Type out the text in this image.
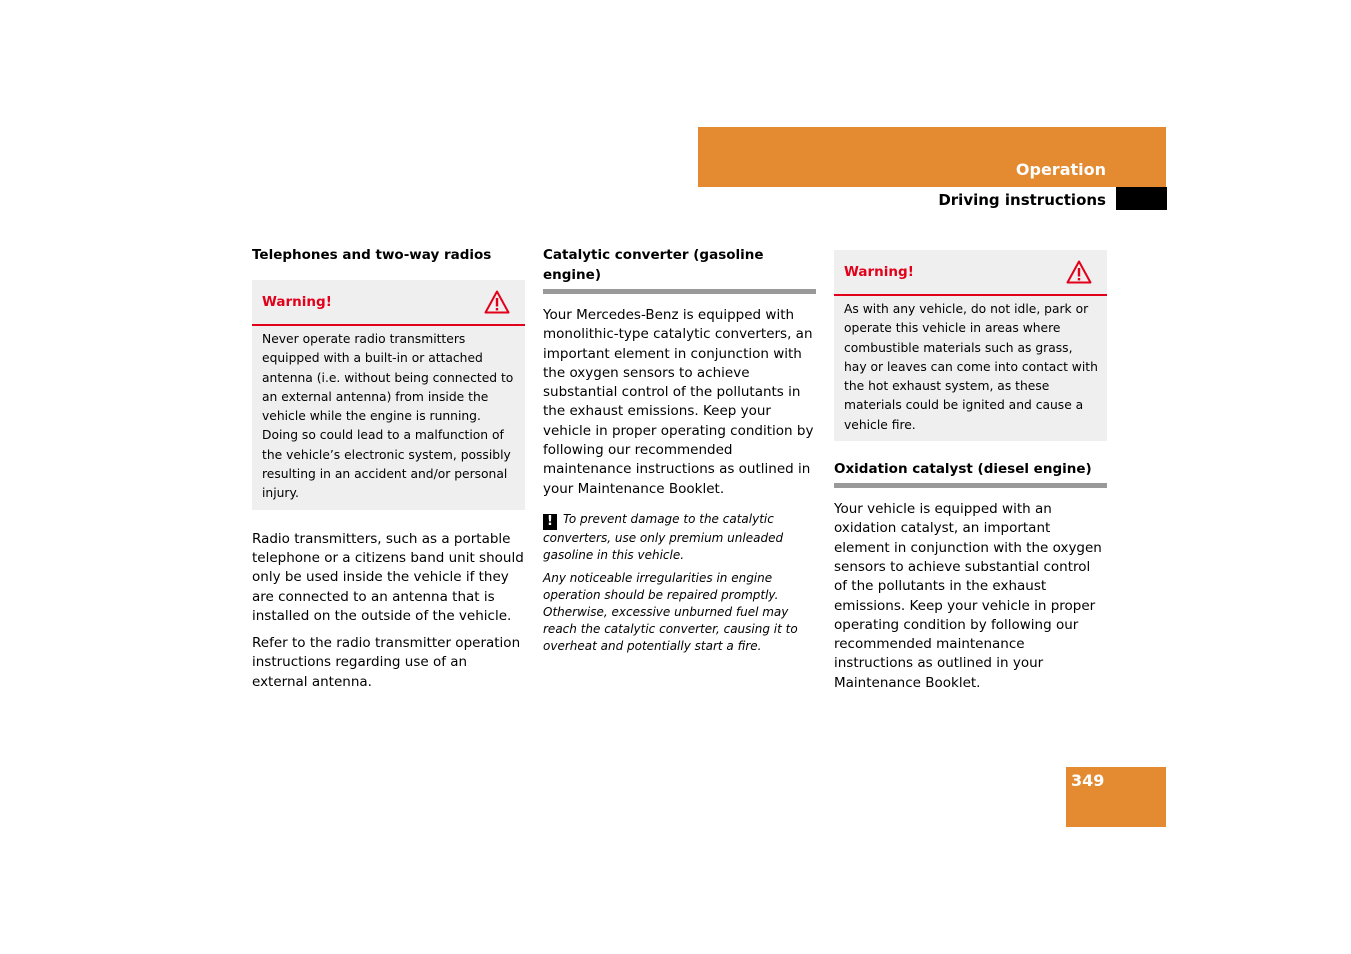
Operation
Driving instructions

Telephones and two-way radios

Warning!

Never operate radio transmitters equipped with a built-in or attached antenna (i.e. without being connected to an external antenna) from inside the vehicle while the engine is running. Doing so could lead to a malfunction of the vehicle’s electronic system, possibly resulting in an accident and/or personal injury.

Radio transmitters, such as a portable telephone or a citizens band unit should only be used inside the vehicle if they are connected to an antenna that is installed on the outside of the vehicle.

Refer to the radio transmitter operation instructions regarding use of an external antenna.

Catalytic converter (gasoline engine)

Your Mercedes-Benz is equipped with monolithic-type catalytic converters, an important element in conjunction with the oxygen sensors to achieve substantial control of the pollutants in the exhaust emissions. Keep your vehicle in proper operating condition by following our recommended maintenance instructions as outlined in your Maintenance Booklet.

! To prevent damage to the catalytic converters, use only premium unleaded gasoline in this vehicle.

Any noticeable irregularities in engine operation should be repaired promptly. Otherwise, excessive unburned fuel may reach the catalytic converter, causing it to overheat and potentially start a fire.

Warning!

As with any vehicle, do not idle, park or operate this vehicle in areas where combustible materials such as grass, hay or leaves can come into contact with the hot exhaust system, as these materials could be ignited and cause a vehicle fire.

Oxidation catalyst (diesel engine)

Your vehicle is equipped with an oxidation catalyst, an important element in conjunction with the oxygen sensors to achieve substantial control of the pollutants in the exhaust emissions. Keep your vehicle in proper operating condition by following our recommended maintenance instructions as outlined in your Maintenance Booklet.

349
